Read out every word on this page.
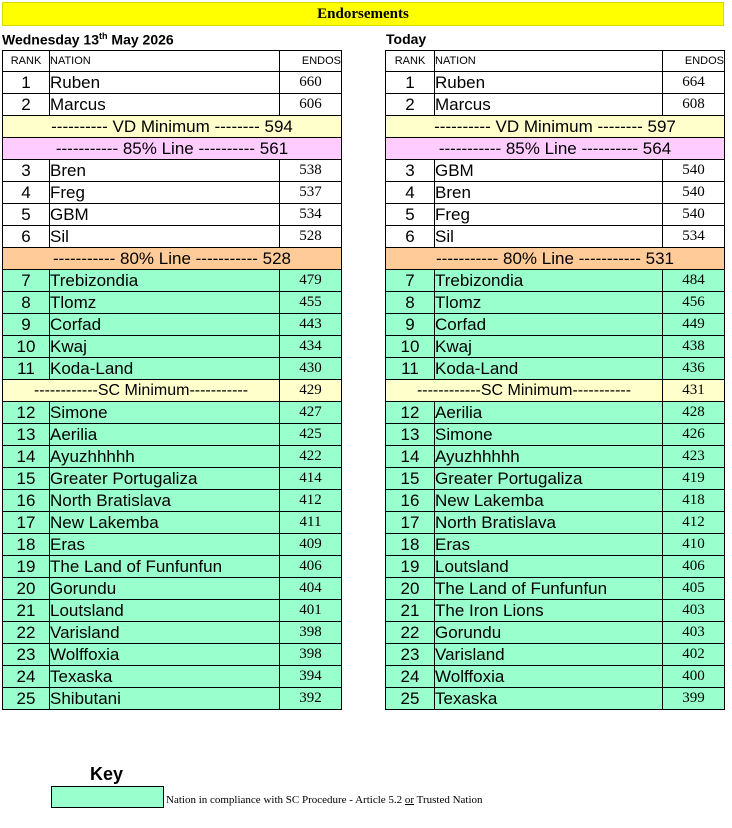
Endorsements
Wednesday 13th May 2026	Today
RANK	NATION	ENDOS
1	Ruben	660
2	Marcus	606
---------- VD Minimum -------- 594		
----------- 85% Line ---------- 561		
3	Bren	538
4	Freg	537
5	GBM	534
6	Sil	528
----------- 80% Line ----------- 528		
7	Trebizondia	479
8	Tlomz	455
9	Corfad	443
10	Kwaj	434
11	Koda-Land	430
------------SC Minimum-----------		429
12	Simone	427
13	Aerilia	425
14	Ayuzhhhhh	422
15	Greater Portugaliza	414
16	North Bratislava	412
17	New Lakemba	411
18	Eras	409
19	The Land of Funfunfun	406
20	Gorundu	404
21	Loutsland	401
22	Varisland	398
23	Wolffoxia	398
24	Texaska	394
25	Shibutani	392
RANK	NATION	ENDOS
1	Ruben	664
2	Marcus	608
---------- VD Minimum -------- 597		
----------- 85% Line ---------- 564		
3	GBM	540
4	Bren	540
5	Freg	540
6	Sil	534
----------- 80% Line ----------- 531		
7	Trebizondia	484
8	Tlomz	456
9	Corfad	449
10	Kwaj	438
11	Koda-Land	436
------------SC Minimum-----------		431
12	Aerilia	428
13	Simone	426
14	Ayuzhhhhh	423
15	Greater Portugaliza	419
16	New Lakemba	418
17	North Bratislava	412
18	Eras	410
19	Loutsland	406
20	The Land of Funfunfun	405
21	The Iron Lions	403
22	Gorundu	403
23	Varisland	402
24	Wolffoxia	400
25	Texaska	399
Key
Nation in compliance with SC Procedure - Article 5.2 or Trusted Nation
